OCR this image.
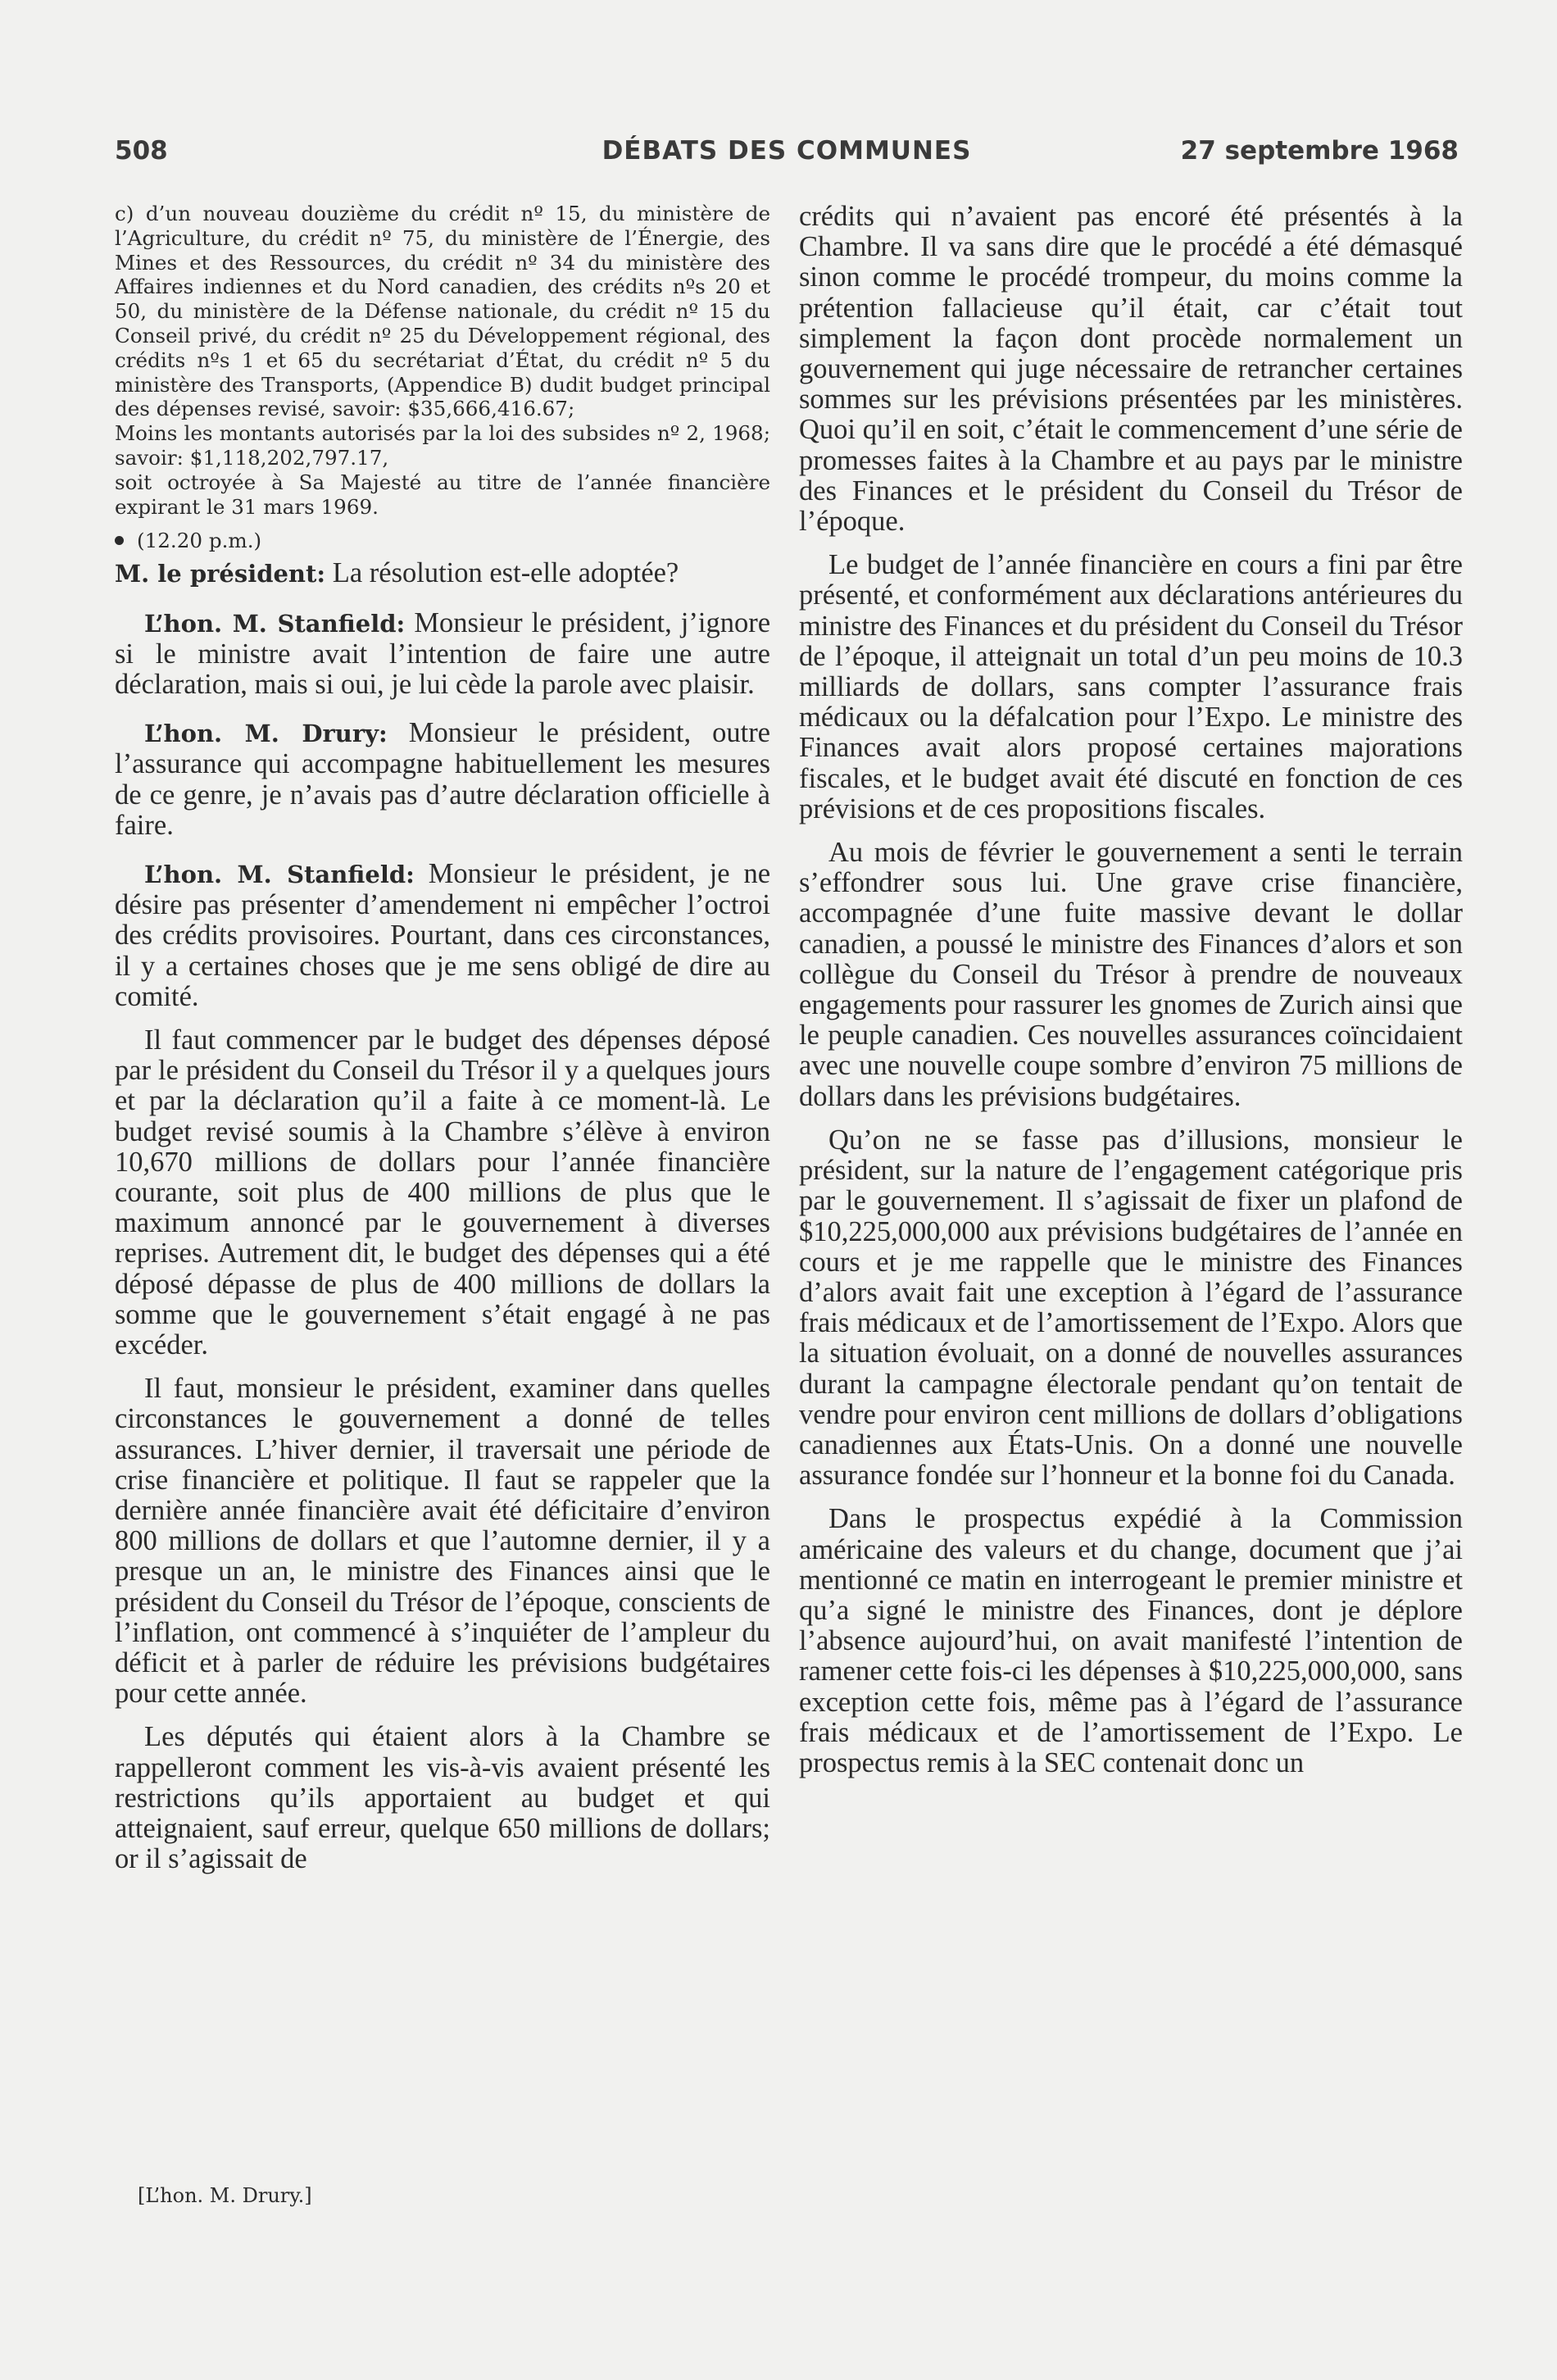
508	DÉBATS DES COMMUNES	27 septembre 1968

c) d’un nouveau douzième du crédit nº 15, du ministère de l’Agriculture, du crédit nº 75, du ministère de l’Énergie, des Mines et des Ressources, du crédit nº 34 du ministère des Affaires indiennes et du Nord canadien, des crédits nºs 20 et 50, du ministère de la Défense nationale, du crédit nº 15 du Conseil privé, du crédit nº 25 du Développement régional, des crédits nºs 1 et 65 du secrétariat d’État, du crédit nº 5 du ministère des Transports, (Appendice B) dudit budget principal des dépenses revisé, savoir: $35,666,416.67;

Moins les montants autorisés par la loi des subsides nº 2, 1968; savoir: $1,118,202,797.17,

soit octroyée à Sa Majesté au titre de l’année financière expirant le 31 mars 1969.

(12.20 p.m.)

M. le président: La résolution est-elle adoptée?

L’hon. M. Stanfield: Monsieur le président, j’ignore si le ministre avait l’intention de faire une autre déclaration, mais si oui, je lui cède la parole avec plaisir.

L’hon. M. Drury: Monsieur le président, outre l’assurance qui accompagne habituellement les mesures de ce genre, je n’avais pas d’autre déclaration officielle à faire.

L’hon. M. Stanfield: Monsieur le président, je ne désire pas présenter d’amendement ni empêcher l’octroi des crédits provisoires. Pourtant, dans ces circonstances, il y a certaines choses que je me sens obligé de dire au comité.

Il faut commencer par le budget des dépenses déposé par le président du Conseil du Trésor il y a quelques jours et par la déclaration qu’il a faite à ce moment-là. Le budget revisé soumis à la Chambre s’élève à environ 10,670 millions de dollars pour l’année financière courante, soit plus de 400 millions de plus que le maximum annoncé par le gouvernement à diverses reprises. Autrement dit, le budget des dépenses qui a été déposé dépasse de plus de 400 millions de dollars la somme que le gouvernement s’était engagé à ne pas excéder.

Il faut, monsieur le président, examiner dans quelles circonstances le gouvernement a donné de telles assurances. L’hiver dernier, il traversait une période de crise financière et politique. Il faut se rappeler que la dernière année financière avait été déficitaire d’environ 800 millions de dollars et que l’automne dernier, il y a presque un an, le ministre des Finances ainsi que le président du Conseil du Trésor de l’époque, conscients de l’inflation, ont commencé à s’inquiéter de l’ampleur du déficit et à parler de réduire les prévisions budgétaires pour cette année.

Les députés qui étaient alors à la Chambre se rappelleront comment les vis-à-vis avaient présenté les restrictions qu’ils apportaient au budget et qui atteignaient, sauf erreur, quelque 650 millions de dollars; or il s’agissait de

[L’hon. M. Drury.]

crédits qui n’avaient pas encoré été présentés à la Chambre. Il va sans dire que le procédé a été démasqué sinon comme le procédé trompeur, du moins comme la prétention fallacieuse qu’il était, car c’était tout simplement la façon dont procède normalement un gouvernement qui juge nécessaire de retrancher certaines sommes sur les prévisions présentées par les ministères. Quoi qu’il en soit, c’était le commencement d’une série de promesses faites à la Chambre et au pays par le ministre des Finances et le président du Conseil du Trésor de l’époque.

Le budget de l’année financière en cours a fini par être présenté, et conformément aux déclarations antérieures du ministre des Finances et du président du Conseil du Trésor de l’époque, il atteignait un total d’un peu moins de 10.3 milliards de dollars, sans compter l’assurance frais médicaux ou la défalcation pour l’Expo. Le ministre des Finances avait alors proposé certaines majorations fiscales, et le budget avait été discuté en fonction de ces prévisions et de ces propositions fiscales.

Au mois de février le gouvernement a senti le terrain s’effondrer sous lui. Une grave crise financière, accompagnée d’une fuite massive devant le dollar canadien, a poussé le ministre des Finances d’alors et son collègue du Conseil du Trésor à prendre de nouveaux engagements pour rassurer les gnomes de Zurich ainsi que le peuple canadien. Ces nouvelles assurances coïncidaient avec une nouvelle coupe sombre d’environ 75 millions de dollars dans les prévisions budgétaires.

Qu’on ne se fasse pas d’illusions, monsieur le président, sur la nature de l’engagement catégorique pris par le gouvernement. Il s’agissait de fixer un plafond de $10,225,000,000 aux prévisions budgétaires de l’année en cours et je me rappelle que le ministre des Finances d’alors avait fait une exception à l’égard de l’assurance frais médicaux et de l’amortissement de l’Expo. Alors que la situation évoluait, on a donné de nouvelles assurances durant la campagne électorale pendant qu’on tentait de vendre pour environ cent millions de dollars d’obligations canadiennes aux États-Unis. On a donné une nouvelle assurance fondée sur l’honneur et la bonne foi du Canada.

Dans le prospectus expédié à la Commission américaine des valeurs et du change, document que j’ai mentionné ce matin en interrogeant le premier ministre et qu’a signé le ministre des Finances, dont je déplore l’absence aujourd’hui, on avait manifesté l’intention de ramener cette fois-ci les dépenses à $10,225,000,000, sans exception cette fois, même pas à l’égard de l’assurance frais médicaux et de l’amortissement de l’Expo. Le prospectus remis à la SEC contenait donc un
